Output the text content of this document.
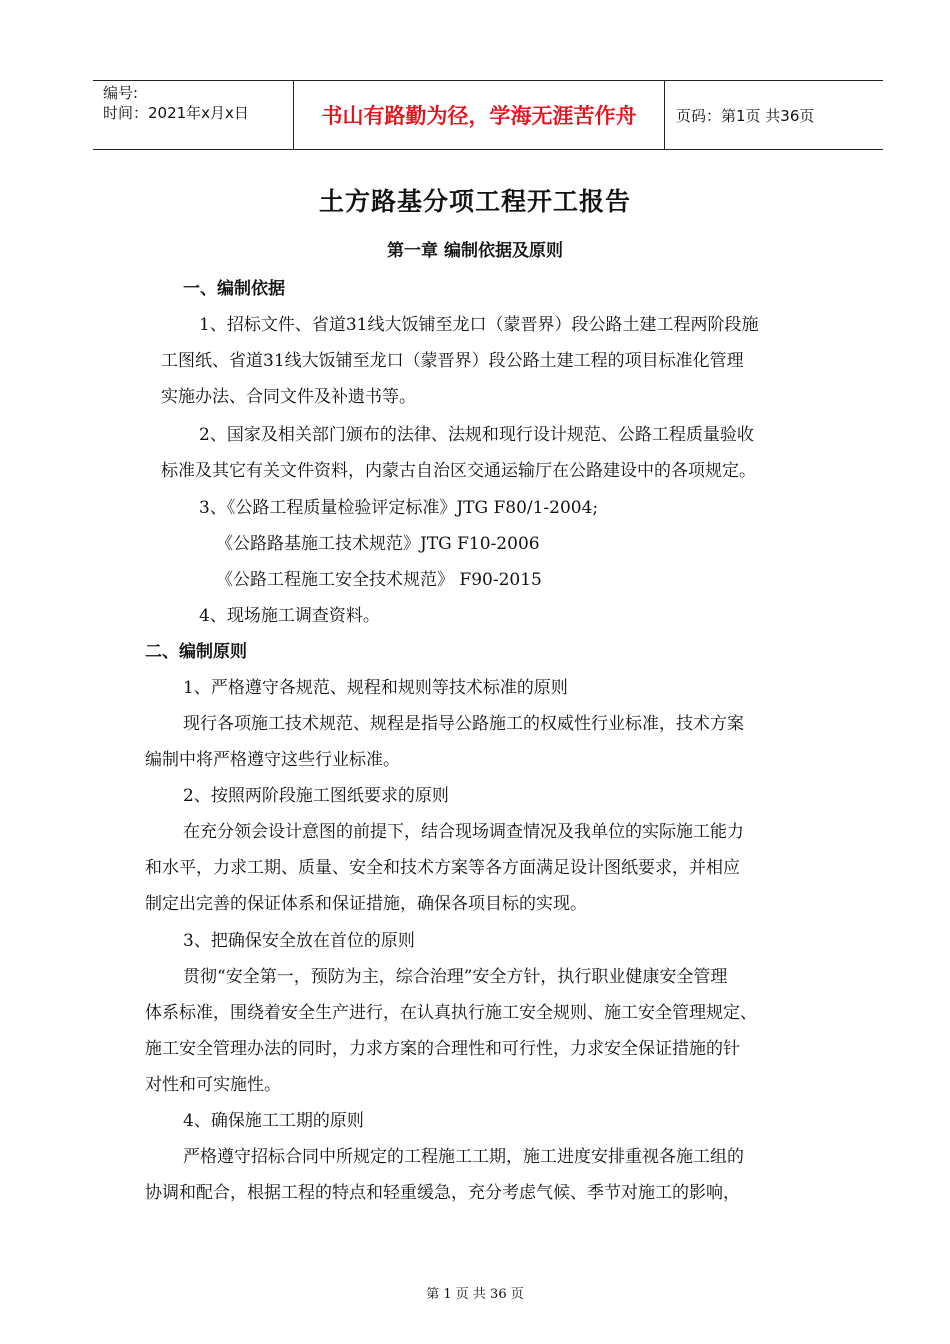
编号:
时间：2021年x月x日	书山有路勤为径，学海无涯苦作舟	页码：第1页 共36页
土方路基分项工程开工报告
第一章 编制依据及原则
一、编制依据
1、招标文件、省道31线大饭铺至龙口（蒙晋界）段公路土建工程两阶段施
工图纸、省道31线大饭铺至龙口（蒙晋界）段公路土建工程的项目标准化管理
实施办法、合同文件及补遗书等。
2、国家及相关部门颁布的法律、法规和现行设计规范、公路工程质量验收
标准及其它有关文件资料，内蒙古自治区交通运输厅在公路建设中的各项规定。
3、《公路工程质量检验评定标准》JTG F80/1-2004;
《公路路基施工技术规范》JTG F10-2006
《公路工程施工安全技术规范》 F90-2015
4、现场施工调查资料。
二、编制原则
1、严格遵守各规范、规程和规则等技术标准的原则
现行各项施工技术规范、规程是指导公路施工的权威性行业标准，技术方案
编制中将严格遵守这些行业标准。
2、按照两阶段施工图纸要求的原则
在充分领会设计意图的前提下，结合现场调查情况及我单位的实际施工能力
和水平，力求工期、质量、安全和技术方案等各方面满足设计图纸要求，并相应
制定出完善的保证体系和保证措施，确保各项目标的实现。
3、把确保安全放在首位的原则
贯彻“安全第一，预防为主，综合治理”安全方针，执行职业健康安全管理
体系标准，围绕着安全生产进行，在认真执行施工安全规则、施工安全管理规定、
施工安全管理办法的同时，力求方案的合理性和可行性，力求安全保证措施的针
对性和可实施性。
4、确保施工工期的原则
严格遵守招标合同中所规定的工程施工工期，施工进度安排重视各施工组的
协调和配合，根据工程的特点和轻重缓急，充分考虑气候、季节对施工的影响，
第 1 页 共 36 页
